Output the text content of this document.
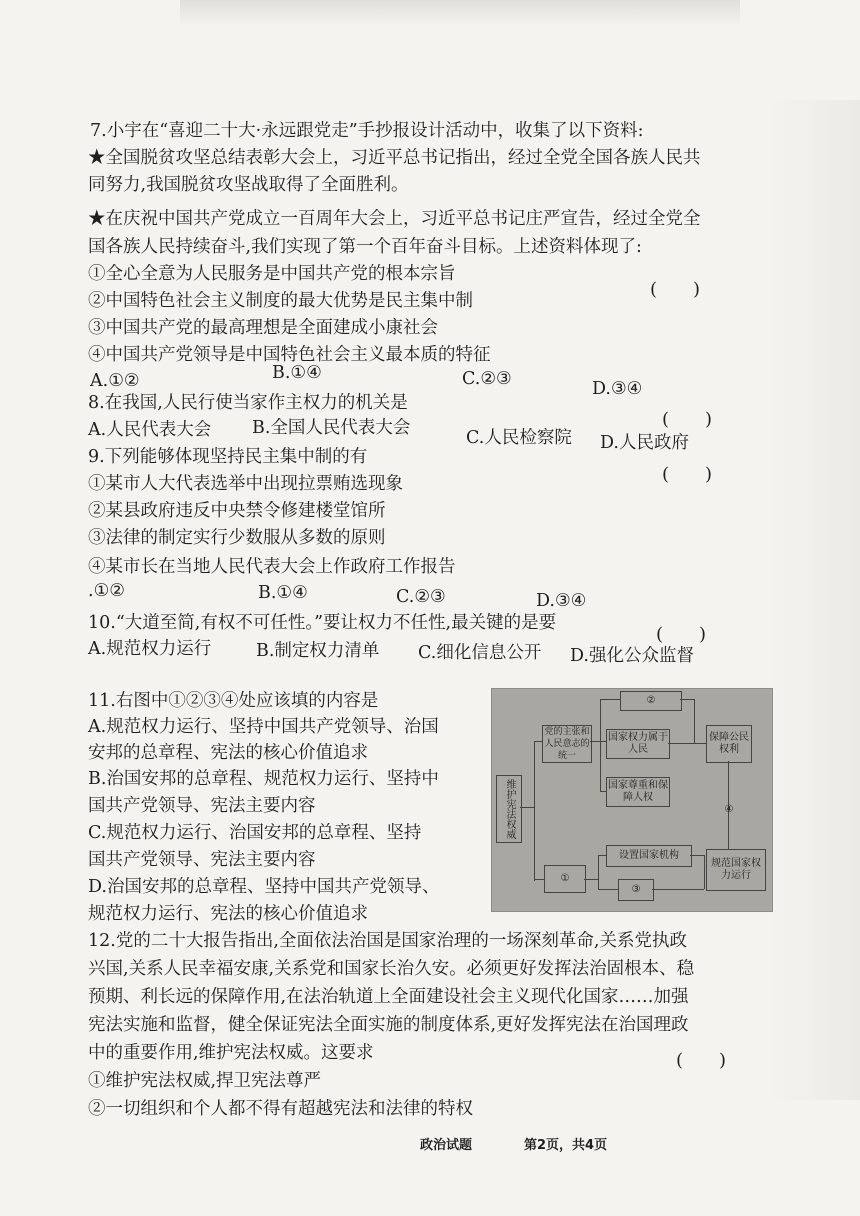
7.小宇在“喜迎二十大·永远跟党走”手抄报设计活动中，收集了以下资料:
★全国脱贫攻坚总结表彰大会上，习近平总书记指出，经过全党全国各族人民共
同努力,我国脱贫攻坚战取得了全面胜利。
★在庆祝中国共产党成立一百周年大会上，习近平总书记庄严宣告，经过全党全
国各族人民持续奋斗,我们实现了第一个百年奋斗目标。上述资料体现了:
①全心全意为人民服务是中国共产党的根本宗旨
(　　)
②中国特色社会主义制度的最大优势是民主集中制
③中国共产党的最高理想是全面建成小康社会
④中国共产党领导是中国特色社会主义最本质的特征
A.①②	B.①④	C.②③	D.③④
8.在我国,人民行使当家作主权力的机关是
(　　)
A.人民代表大会 B.全国人民代表大会	C.人民检察院 D.人民政府
9.下列能够体现坚持民主集中制的有
(　　)
①某市人大代表选举中出现拉票贿选现象
②某县政府违反中央禁令修建楼堂馆所
③法律的制定实行少数服从多数的原则
④某市长在当地人民代表大会上作政府工作报告
.①②	B.①④	C.②③	D.③④
10.“大道至简,有权不可任性。”要让权力不任性,最关键的是要
(　　)
A.规范权力运行	B.制定权力清单 C.细化信息公开 D.强化公众监督
11.右图中①②③④处应该填的内容是
A.规范权力运行、坚持中国共产党领导、治国
安邦的总章程、宪法的核心价值追求
B.治国安邦的总章程、规范权力运行、坚持中
国共产党领导、宪法主要内容
C.规范权力运行、治国安邦的总章程、坚持
国共产党领导、宪法主要内容
D.治国安邦的总章程、坚持中国共产党领导、
规范权力运行、宪法的核心价值追求
维护宪法权威
党的主张和人民意志的统一
①
②
国家权力属于人民
国家尊重和保障人权
设置国家机构
③
保障公民权利
④
规范国家权力运行
12.党的二十大报告指出,全面依法治国是国家治理的一场深刻革命,关系党执政
兴国,关系人民幸福安康,关系党和国家长治久安。必须更好发挥法治固根本、稳
预期、利长远的保障作用,在法治轨道上全面建设社会主义现代化国家……加强
宪法实施和监督，健全保证宪法全面实施的制度体系,更好发挥宪法在治国理政
中的重要作用,维护宪法权威。这要求	(　　)
①维护宪法权威,捍卫宪法尊严
②一切组织和个人都不得有超越宪法和法律的特权
政治试题	第2页，共4页
